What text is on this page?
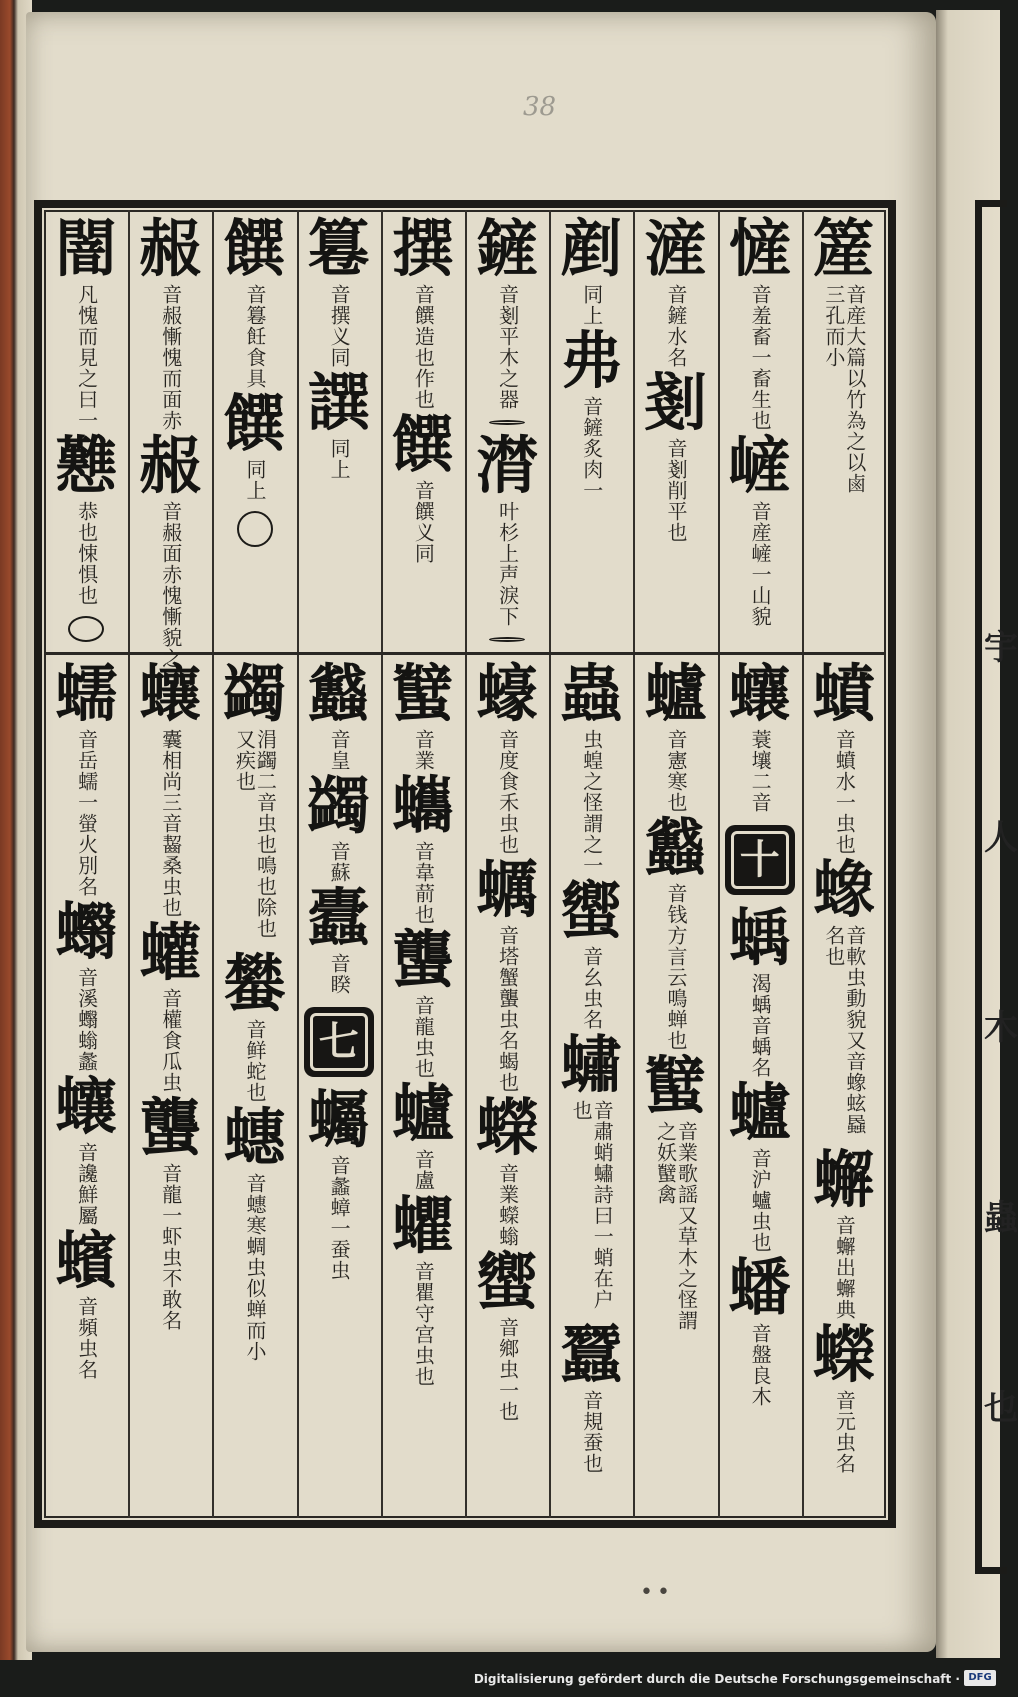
宇
人
木
蟲
也
38
簅
音産大篇以竹為之以鹵三孔而小
㦃
音羞畜一畜生也
嵼
音産嵼一山貌
滻
音鏟水名
剗
音剗削平也
剷
同上
弗
音鏟炙肉一
鏟
音剗平木之器
潸
叶杉上声淚下
撰
音饌造也作也
饌
音饌义同
篹
音撰义同
譔
同上
饌
音篹飪食具
饌
同上
赧
音赧慚愧而面赤
赧
音赧面赤愧慚貌之
闇
凡愧而見之曰一
戁
恭也悚惧也
蟦
音蟦水一虫也
蟓
音軟虫動貌又音蟓蚿蟁名也
蠏
音蠏出蠏典
蠑
音元虫名
蠰
蓑壤二音
十
蝺
渴蝺音蝺名
蠦
音沪蠦虫也
蟠
音盤良木
蠦
音憲寒也
蠽
音钱方言云鳴蝉也
蠥
音業歌謡又草木之怪謂之妖蠥禽
蟲
虫蝗之怪謂之一
蠁
音幺虫名
蟰
音肅蛸蟰詩曰一蛸在户也
蠶
音規蚕也
蠔
音度食禾虫也
蠣
音塔蟹蠪虫名蝎也
蠑
音業蠑螉
蠁
音鄉虫一也
蠥
音業
蠵
音韋葥也
蠪
音龍虫也
蠦
音盧
蠷
音瞿守宫虫也
蠽
音皇
蠲
音蘇
蠹
音睽
七
蠾
音蠡蟑一蚕虫
蠲
涓蠲二音虫也鳴也除也又疾也
蠜
音鲜蛇也
蟪
音蟪寒蜩虫似蝉而小
蠰
囊相尚三音齧桑虫也
蠸
音權食瓜虫
蠪
音龍一虾虫不敢名
蠕
音岳蠕一螢火別名
蠮
音溪蠮螉蠡
蠰
音讒鮮屬
蠙
音頻虫名
••
Digitalisierung gefördert durch die Deutsche Forschungsgemeinschaft · DFG
